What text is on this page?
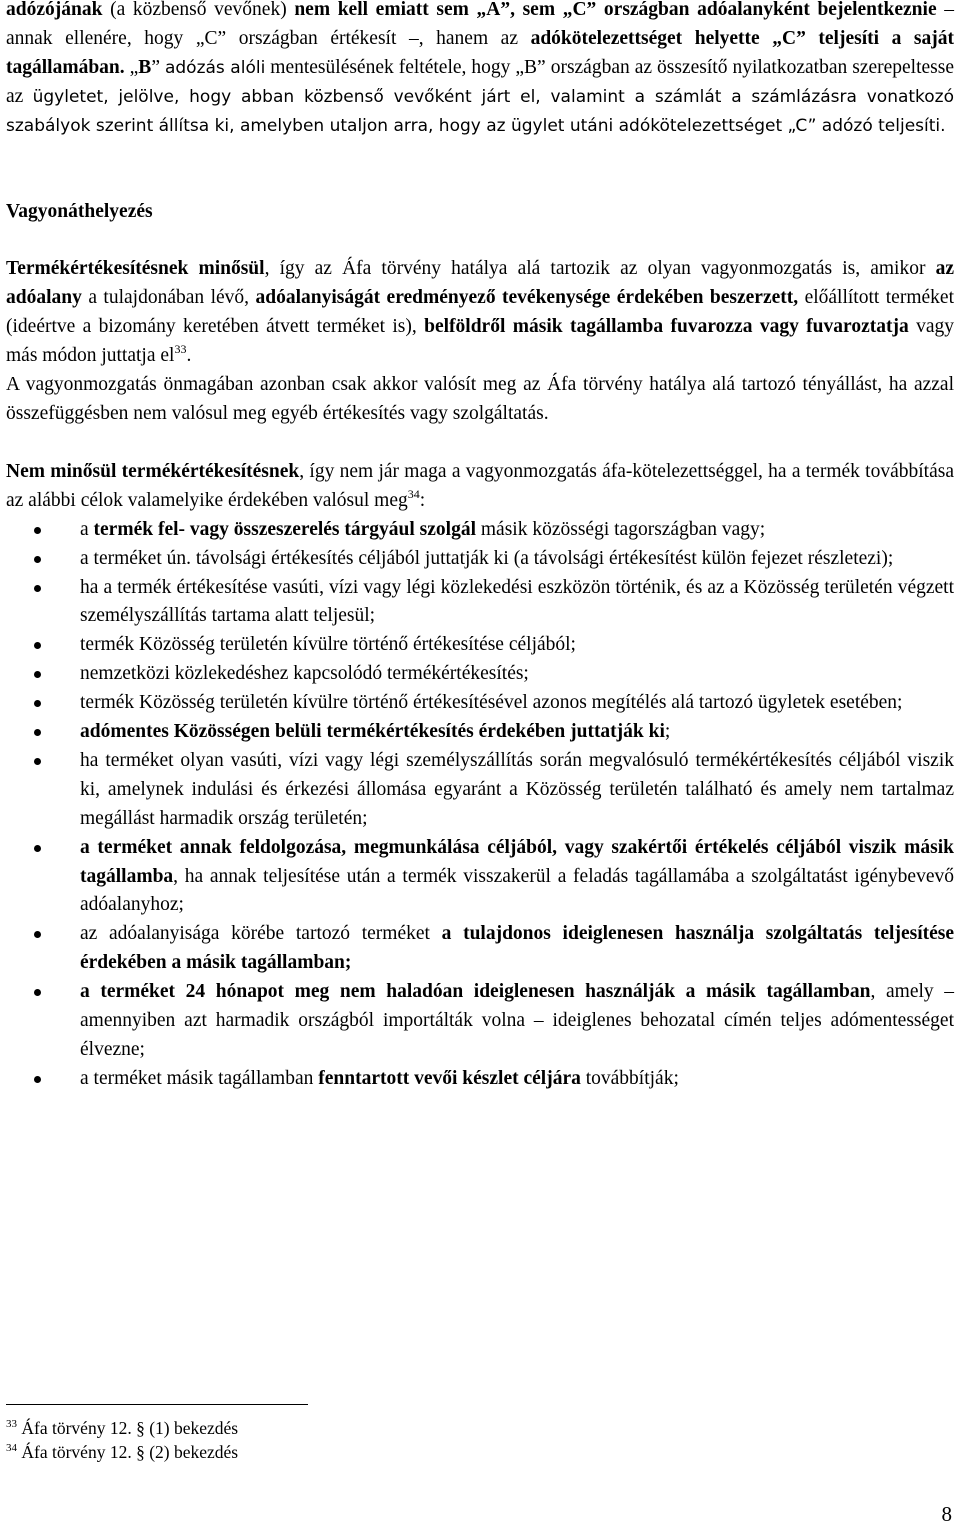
adózójának (a közbenső vevőnek) nem kell emiatt sem „A”, sem „C” országban adóalanyként bejelentkeznie – annak ellenére, hogy „C” országban értékesít –, hanem az adókötelezettséget helyette „C” teljesíti a saját tagállamában. „B” adózás alóli mentesülésének feltétele, hogy „B” országban az összesítő nyilatkozatban szerepeltesse az ügyletet, jelölve, hogy abban közbenső vevőként járt el, valamint a számlát a számlázásra vonatkozó szabályok szerint állítsa ki, amelyben utaljon arra, hogy az ügylet utáni adókötelezettséget „C” adózó teljesíti.

Vagyonáthelyezés

Termékértékesítésnek minősül, így az Áfa törvény hatálya alá tartozik az olyan vagyonmozgatás is, amikor az adóalany a tulajdonában lévő, adóalanyiságát eredményező tevékenysége érdekében beszerzett, előállított terméket (ideértve a bizomány keretében átvett terméket is), belföldről másik tagállamba fuvarozza vagy fuvaroztatja vagy más módon juttatja $el^{33}$.

A vagyonmozgatás önmagában azonban csak akkor valósít meg az Áfa törvény hatálya alá tartozó tényállást, ha azzal összefüggésben nem valósul meg egyéb értékesítés vagy szolgáltatás.

Nem minősül termékértékesítésnek, így nem jár maga a vagyonmozgatás áfa-kötelezettséggel, ha a termék továbbítása az alábbi célok valamelyike érdekében valósul meg$^{34}$:

a termék fel- vagy összeszerelés tárgyául szolgál másik közösségi tagországban vagy;
a terméket ún. távolsági értékesítés céljából juttatják ki (a távolsági értékesítést külön fejezet részletezi);
ha a termék értékesítése vasúti, vízi vagy légi közlekedési eszközön történik, és az a Közösség területén végzett személyszállítás tartama alatt teljesül;
termék Közösség területén kívülre történő értékesítése céljából;
nemzetközi közlekedéshez kapcsolódó termékértékesítés;
termék Közösség területén kívülre történő értékesítésével azonos megítélés alá tartozó ügyletek esetében;
adómentes Közösségen belüli termékértékesítés érdekében juttatják ki;
ha terméket olyan vasúti, vízi vagy légi személyszállítás során megvalósuló termékértékesítés céljából viszik ki, amelynek indulási és érkezési állomása egyaránt a Közösség területén található és amely nem tartalmaz megállást harmadik ország területén;
a terméket annak feldolgozása, megmunkálása céljából, vagy szakértői értékelés céljából viszik másik tagállamba, ha annak teljesítése után a termék visszakerül a feladás tagállamába a szolgáltatást igénybevevő adóalanyhoz;
az adóalanyisága körébe tartozó terméket a tulajdonos ideiglenesen használja szolgáltatás teljesítése érdekében a másik tagállamban;
a terméket 24 hónapot meg nem haladóan ideiglenesen használják a másik tagállamban, amely – amennyiben azt harmadik országból importálták volna – ideiglenes behozatal címén teljes adómentességet élvezne;
a terméket másik tagállamban fenntartott vevői készlet céljára továbbítják;
$^{33}$ Áfa törvény 12. § (1) bekezdés
$^{34}$ Áfa törvény 12. § (2) bekezdés
8
